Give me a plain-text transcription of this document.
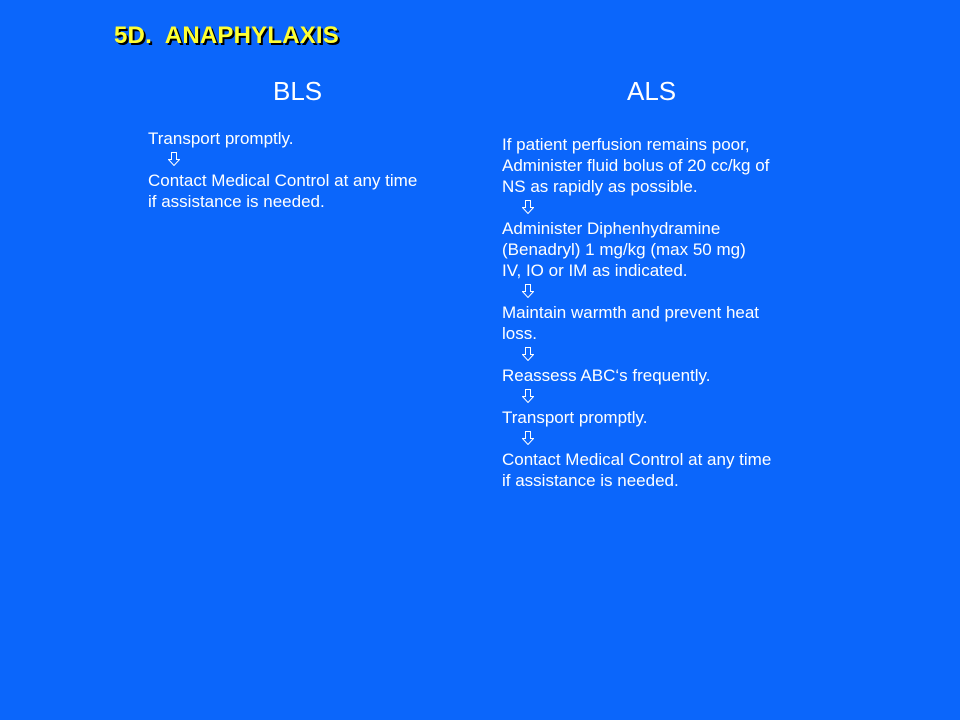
5D.  ANAPHYLAXIS
BLS	ALS
Transport promptly.
Contact Medical Control at any time
if assistance is needed.
If patient perfusion remains poor,
Administer fluid bolus of 20 cc/kg of
NS as rapidly as possible.
Administer Diphenhydramine
(Benadryl) 1 mg/kg (max 50 mg)
IV, IO or IM as indicated.
Maintain warmth and prevent heat
loss.
Reassess ABC‘s frequently.
Transport promptly.
Contact Medical Control at any time
if assistance is needed.
